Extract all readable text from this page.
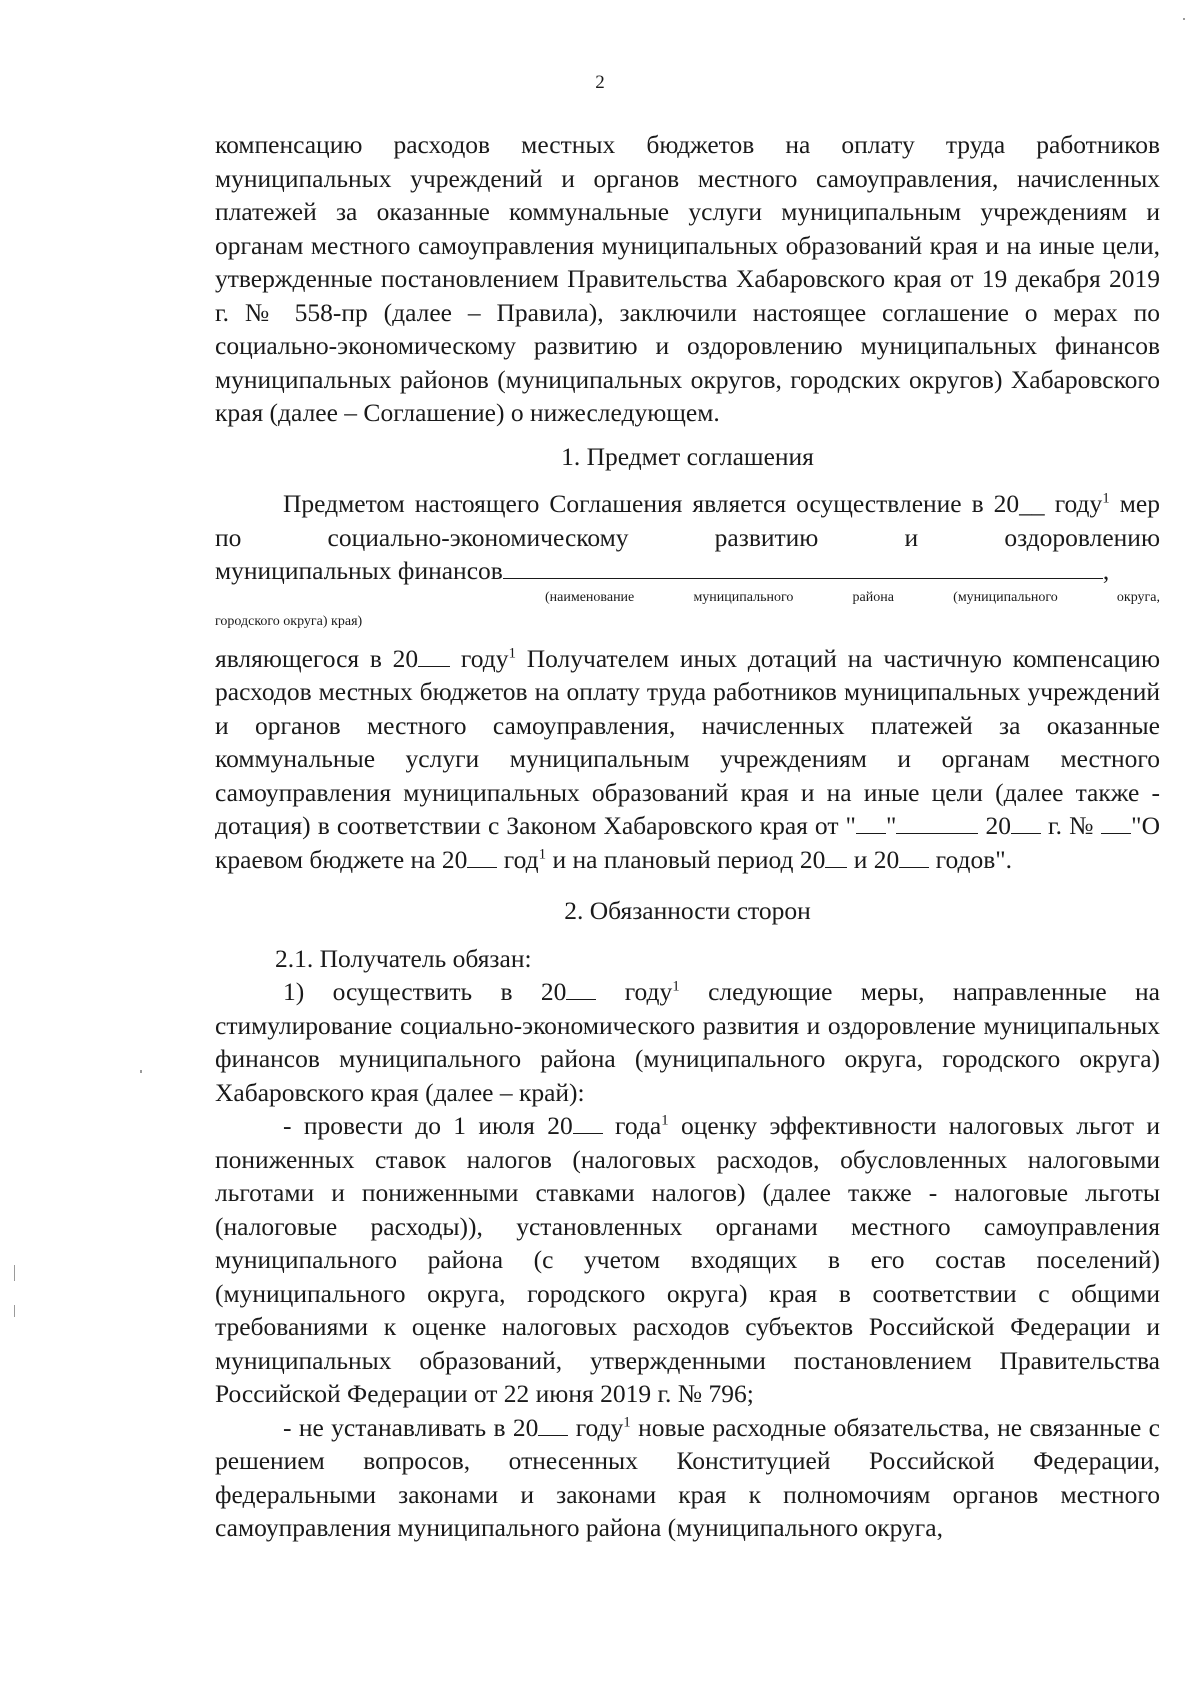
2

компенсацию расходов местных бюджетов на оплату труда работников муниципальных учреждений и органов местного самоуправления, начисленных платежей за оказанные коммунальные услуги муниципальным учреждениям и органам местного самоуправления муниципальных образований края и на иные цели, утвержденные постановлением Правительства Хабаровского края от 19 декабря 2019 г. № 558-пр (далее – Правила), заключили настоящее соглашение о мерах по социально-экономическому развитию и оздоровлению муниципальных финансов муниципальных районов (муниципальных округов, городских округов) Хабаровского края (далее – Соглашение) о нижеследующем.

1. Предмет соглашения

Предметом настоящего Соглашения является осуществление в 20__ году$^1$ мер по социально-экономическому развитию и оздоровлению

муниципальных финансов	,
(наименование муниципального района (муниципального округа,
городского округа) края)

являющегося в 20 году$^1$ Получателем иных дотаций на частичную компенсацию расходов местных бюджетов на оплату труда работников муниципальных учреждений и органов местного самоуправления, начисленных платежей за оказанные коммунальные услуги муниципальным учреждениям и органам местного самоуправления муниципальных образований края и на иные цели (далее также - дотация) в соответствии с Законом Хабаровского края от " "	20 г. № "О краевом бюджете на 20 год$^1$ и на плановый период 20 и 20 годов".

2. Обязанности сторон

2.1. Получатель обязан:

1) осуществить в 20 году$^1$ следующие меры, направленные на стимулирование социально-экономического развития и оздоровление муниципальных финансов муниципального района (муниципального округа, городского округа) Хабаровского края (далее – край):

- провести до 1 июля 20 года$^1$ оценку эффективности налоговых льгот и пониженных ставок налогов (налоговых расходов, обусловленных налоговыми льготами и пониженными ставками налогов) (далее также - налоговые льготы (налоговые расходы)), установленных органами местного самоуправления муниципального района (с учетом входящих в его состав поселений) (муниципального округа, городского округа) края в соответствии с общими требованиями к оценке налоговых расходов субъектов Российской Федерации и муниципальных образований, утвержденными постановлением Правительства Российской Федерации от 22 июня 2019 г. № 796;

- не устанавливать в 20 году$^1$ новые расходные обязательства, не связанные с решением вопросов, отнесенных Конституцией Российской Федерации, федеральными законами и законами края к полномочиям органов местного самоуправления муниципального района (муниципального округа,
